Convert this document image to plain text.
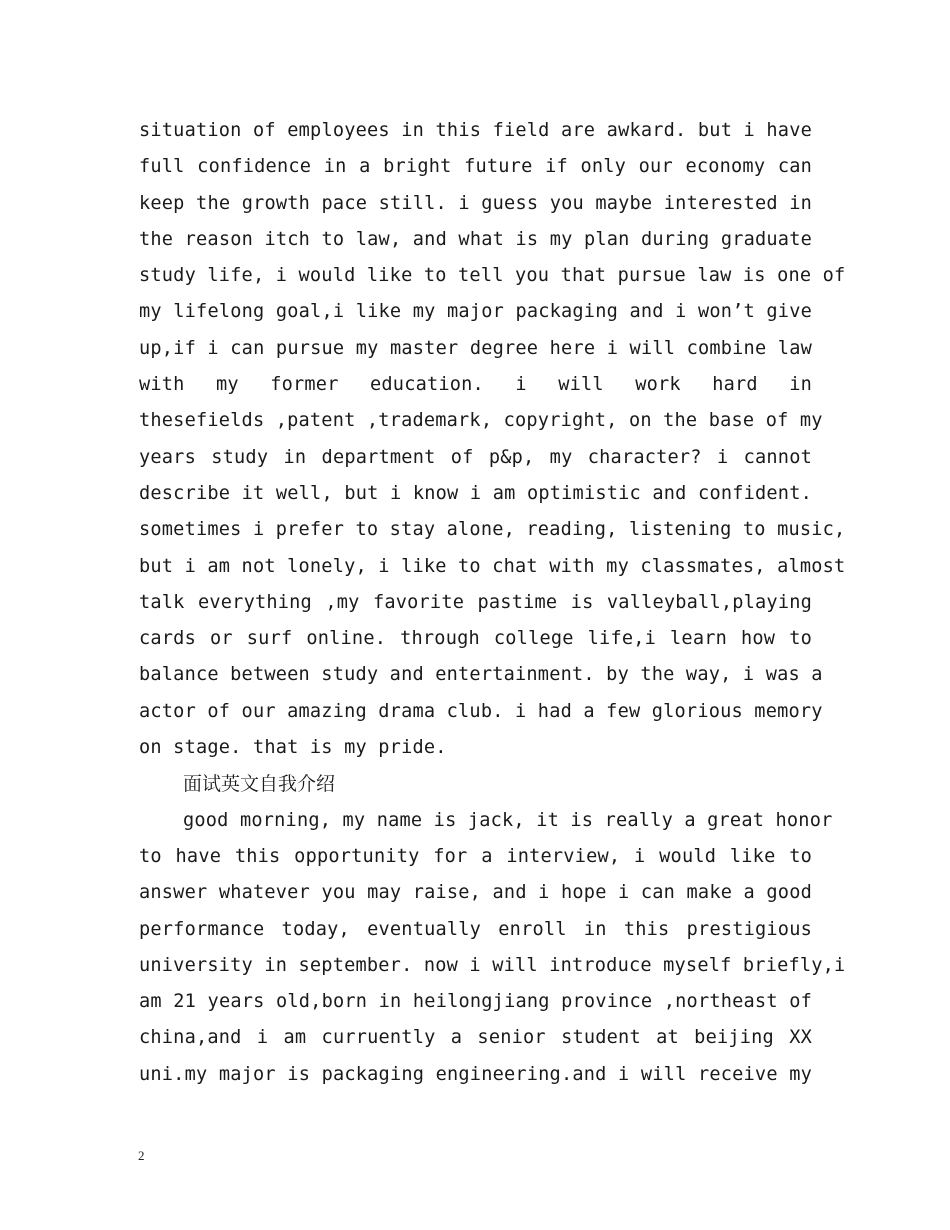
situation of employees in this field are awkard. but i have
full confidence in a bright future if only our economy can
keep the growth pace still. i guess you maybe interested in
the reason itch to law, and what is my plan during graduate
study life, i would like to tell you that pursue law is one of
my lifelong goal,i like my major packaging and i won’t give
up,if i can pursue my master degree here i will combine law
with my former education. i will work hard in
thesefields ,patent ,trademark, copyright, on the base of my
years study in department of p&p, my character? i cannot
describe it well, but i know i am optimistic and confident.
sometimes i prefer to stay alone, reading, listening to music,
but i am not lonely, i like to chat with my classmates, almost
talk everything ,my favorite pastime is valleyball,playing
cards or surf online. through college life,i learn how to
balance between study and entertainment. by the way, i was a
actor of our amazing drama club. i had a few glorious memory
on stage. that is my pride.
面试英文自我介绍
good morning, my name is jack, it is really a great honor
to have this opportunity for a interview, i would like to
answer whatever you may raise, and i hope i can make a good
performance today, eventually enroll in this prestigious
university in september. now i will introduce myself briefly,i
am 21 years old,born in heilongjiang province ,northeast of
china,and i am curruently a senior student at beijing XX
uni.my major is packaging engineering.and i will receive my
2
